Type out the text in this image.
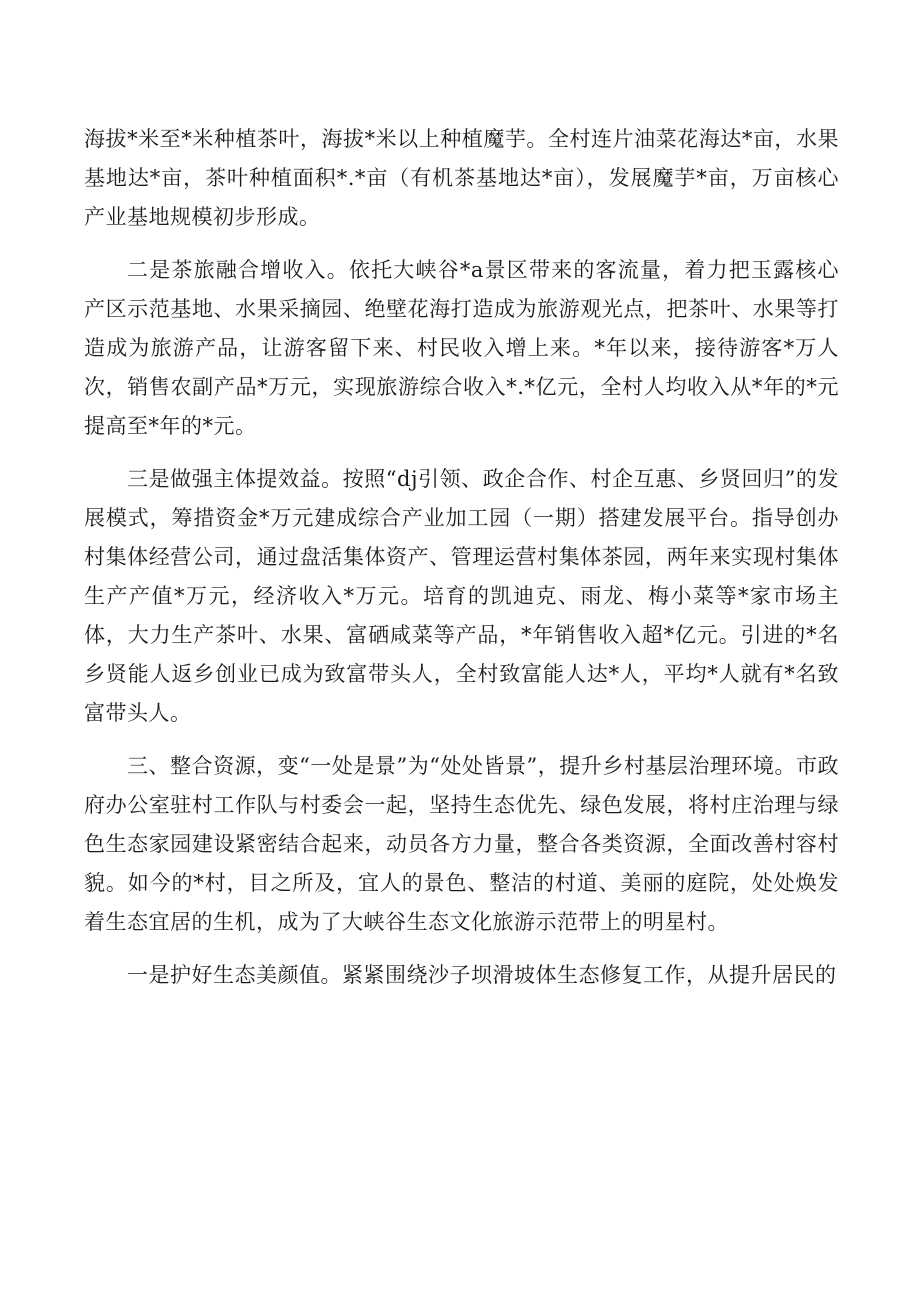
海拔*米至*米种植茶叶，海拔*米以上种植魔芋。全村连片油菜花海达*亩，水果基地达*亩，茶叶种植面积*.*亩（有机茶基地达*亩），发展魔芋*亩，万亩核心产业基地规模初步形成。

二是茶旅融合增收入。依托大峡谷*a景区带来的客流量，着力把玉露核心产区示范基地、水果采摘园、绝壁花海打造成为旅游观光点，把茶叶、水果等打造成为旅游产品，让游客留下来、村民收入增上来。*年以来，接待游客*万人次，销售农副产品*万元，实现旅游综合收入*.*亿元，全村人均收入从*年的*元提高至*年的*元。

三是做强主体提效益。按照“dj引领、政企合作、村企互惠、乡贤回归”的发展模式，筹措资金*万元建成综合产业加工园（一期）搭建发展平台。指导创办村集体经营公司，通过盘活集体资产、管理运营村集体茶园，两年来实现村集体生产产值*万元，经济收入*万元。培育的凯迪克、雨龙、梅小菜等*家市场主体，大力生产茶叶、水果、富硒咸菜等产品，*年销售收入超*亿元。引进的*名乡贤能人返乡创业已成为致富带头人，全村致富能人达*人，平均*人就有*名致富带头人。

三、整合资源，变“一处是景”为“处处皆景”，提升乡村基层治理环境。市政府办公室驻村工作队与村委会一起，坚持生态优先、绿色发展，将村庄治理与绿色生态家园建设紧密结合起来，动员各方力量，整合各类资源，全面改善村容村貌。如今的*村，目之所及，宜人的景色、整洁的村道、美丽的庭院，处处焕发着生态宜居的生机，成为了大峡谷生态文化旅游示范带上的明星村。

一是护好生态美颜值。紧紧围绕沙子坝滑坡体生态修复工作，从提升居民的
